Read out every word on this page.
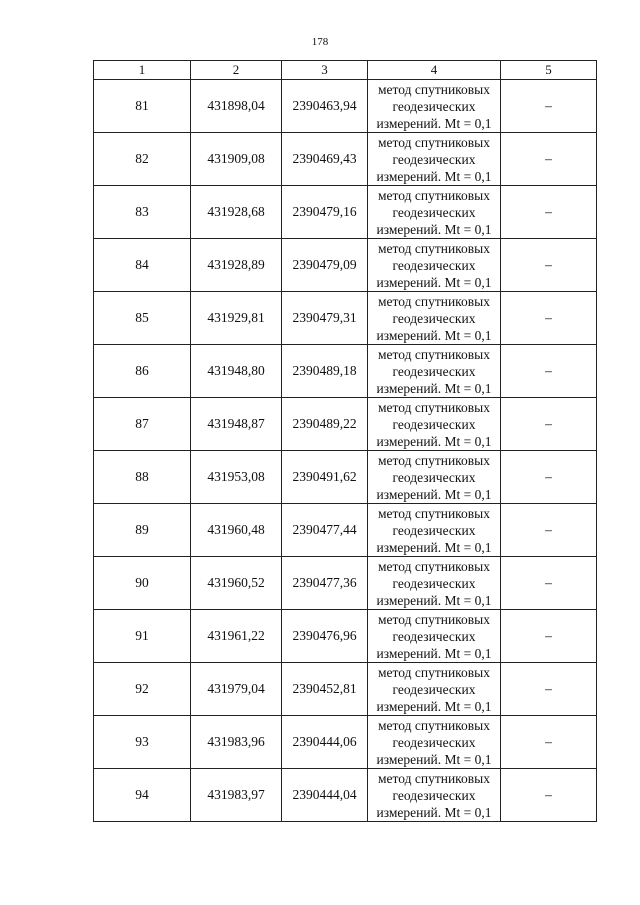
178
1	2	3	4	5
81	431898,04	2390463,94	метод спутниковых
геодезических
измерений. Mt = 0,1	–
82	431909,08	2390469,43	метод спутниковых
геодезических
измерений. Mt = 0,1	–
83	431928,68	2390479,16	метод спутниковых
геодезических
измерений. Mt = 0,1	–
84	431928,89	2390479,09	метод спутниковых
геодезических
измерений. Mt = 0,1	–
85	431929,81	2390479,31	метод спутниковых
геодезических
измерений. Mt = 0,1	–
86	431948,80	2390489,18	метод спутниковых
геодезических
измерений. Mt = 0,1	–
87	431948,87	2390489,22	метод спутниковых
геодезических
измерений. Mt = 0,1	–
88	431953,08	2390491,62	метод спутниковых
геодезических
измерений. Mt = 0,1	–
89	431960,48	2390477,44	метод спутниковых
геодезических
измерений. Mt = 0,1	–
90	431960,52	2390477,36	метод спутниковых
геодезических
измерений. Mt = 0,1	–
91	431961,22	2390476,96	метод спутниковых
геодезических
измерений. Mt = 0,1	–
92	431979,04	2390452,81	метод спутниковых
геодезических
измерений. Mt = 0,1	–
93	431983,96	2390444,06	метод спутниковых
геодезических
измерений. Mt = 0,1	–
94	431983,97	2390444,04	метод спутниковых
геодезических
измерений. Mt = 0,1	–
